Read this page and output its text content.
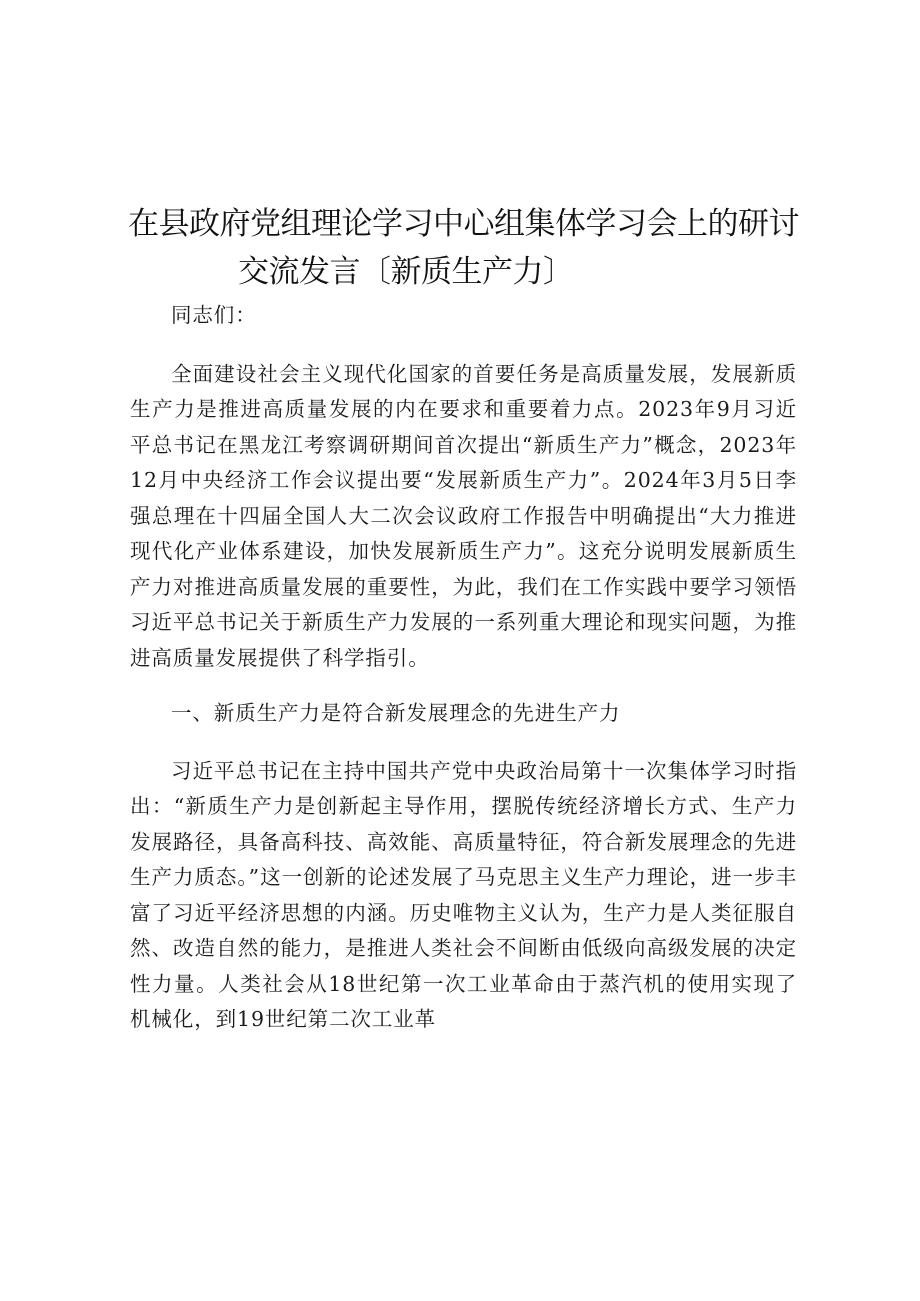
在县政府党组理论学习中心组集体学习会上的研讨
交流发言〔新质生产力〕

同志们：

全面建设社会主义现代化国家的首要任务是高质量发展，发展新质生产力是推进高质量发展的内在要求和重要着力点。2023年9月习近平总书记在黑龙江考察调研期间首次提出“新质生产力”概念，2023年12月中央经济工作会议提出要“发展新质生产力”。2024年3月5日李强总理在十四届全国人大二次会议政府工作报告中明确提出“大力推进现代化产业体系建设，加快发展新质生产力”。这充分说明发展新质生产力对推进高质量发展的重要性，为此，我们在工作实践中要学习领悟习近平总书记关于新质生产力发展的一系列重大理论和现实问题，为推进高质量发展提供了科学指引。

一、新质生产力是符合新发展理念的先进生产力

习近平总书记在主持中国共产党中央政治局第十一次集体学习时指出：“新质生产力是创新起主导作用，摆脱传统经济增长方式、生产力发展路径，具备高科技、高效能、高质量特征，符合新发展理念的先进生产力质态。”这一创新的论述发展了马克思主义生产力理论，进一步丰富了习近平经济思想的内涵。历史唯物主义认为，生产力是人类征服自然、改造自然的能力，是推进人类社会不间断由低级向高级发展的决定性力量。人类社会从18世纪第一次工业革命由于蒸汽机的使用实现了机械化，到19世纪第二次工业革
